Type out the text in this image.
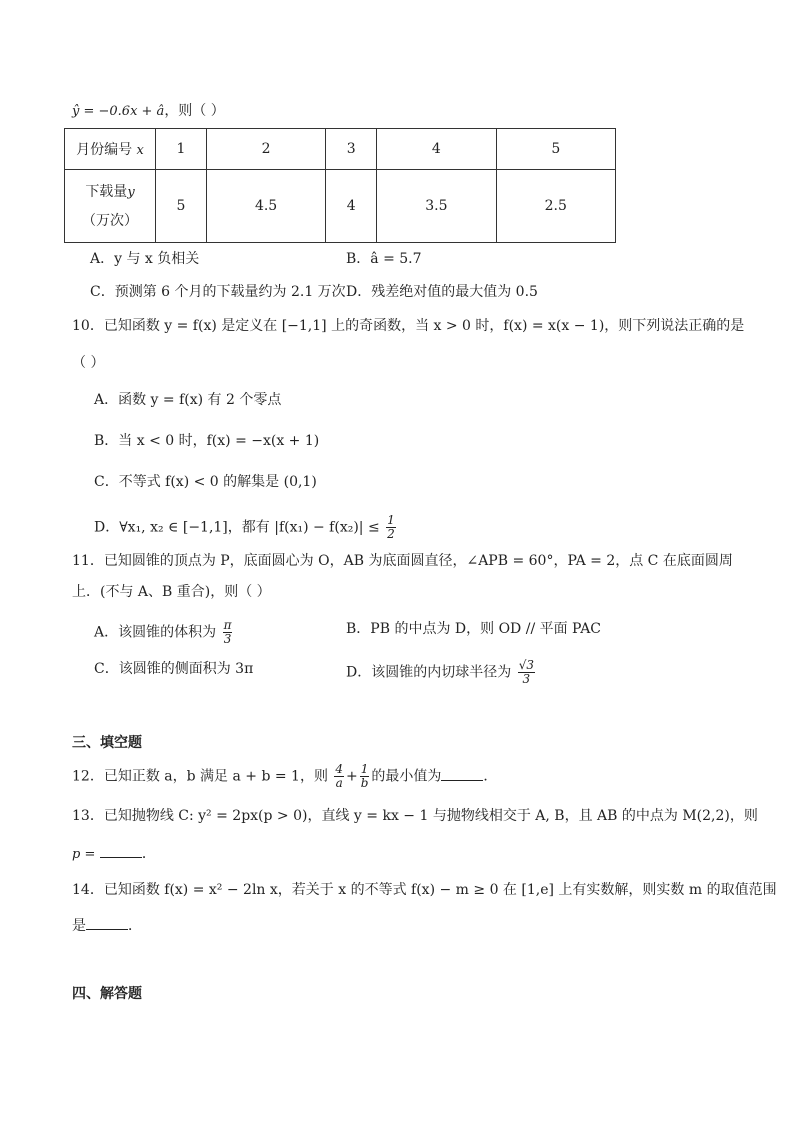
ŷ = −0.6x + â，则（ ）
月份编号 x	1	2	3	4	5
下载量y
（万次）	5	4.5	4	3.5	2.5
A．y 与 x 负相关	B．â = 5.7
C．预测第 6 个月的下载量约为 2.1 万次 D．残差绝对值的最大值为 0.5
10．已知函数 y = f(x) 是定义在 [−1,1] 上的奇函数，当 x > 0 时，f(x) = x(x − 1)，则下列说法正确的是
（ ）
A．函数 y = f(x) 有 2 个零点
B．当 x < 0 时，f(x) = −x(x + 1)
C．不等式 f(x) < 0 的解集是 (0,1)
D．∀x₁, x₂ ∈ [−1,1]，都有 $|f(x_1) - f(x_2)| \le \frac{1}{2}$
11．已知圆锥的顶点为 P，底面圆心为 O，AB 为底面圆直径，∠APB = 60°，PA = 2，点 C 在底面圆周
上．(不与 A、B 重合)，则（ ）
A．该圆锥的体积为 $\frac{\pi}{3}$	B．PB 的中点为 D，则 OD // 平面 PAC
C．该圆锥的侧面积为 3π	D．该圆锥的内切球半径为 $\frac{√3}{3}$
三、填空题
12．已知正数 a，b 满足 a + b = 1，则 $\frac{4}{a} + \frac{1}{b}$ 的最小值为	．
13．已知抛物线 C: y² = 2px(p > 0)，直线 y = kx − 1 与抛物线相交于 A, B，且 AB 的中点为 M(2,2)，则
p =	．
14．已知函数 f(x) = x² − 2ln x，若关于 x 的不等式 f(x) − m ≥ 0 在 [1,e] 上有实数解，则实数 m 的取值范围
是	．
四、解答题
